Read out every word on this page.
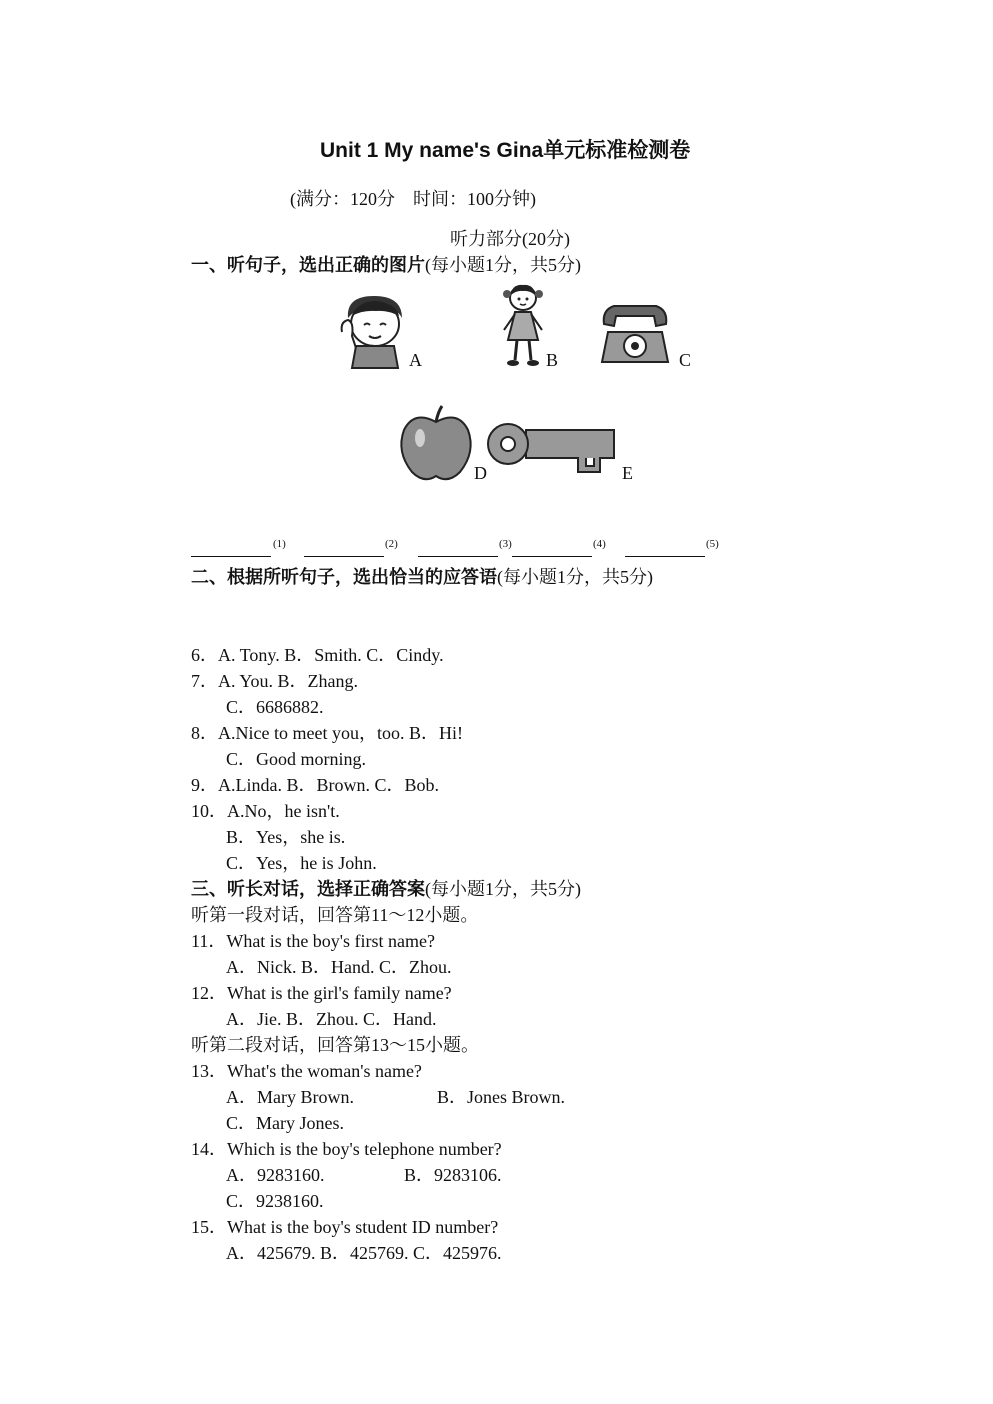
Unit 1 My name's Gina单元标准检测卷
(满分：120分　时间：100分钟)
听力部分(20分)
一、听句子，选出正确的图片(每小题1分，共5分)
A	B	C
D	E
(1)	(2)	(3)	(4)	(5)
二、根据所听句子，选出恰当的应答语(每小题1分，共5分)
6．A. Tony. B．Smith. C．Cindy.
7．A. You. B．Zhang.
C．6686882.
8．A.Nice to meet you，too. B．Hi!
C．Good morning.
9．A.Linda. B．Brown. C．Bob.
10．A.No，he isn't.
B．Yes，she is.
C．Yes，he is John.
三、听长对话，选择正确答案(每小题1分，共5分)
听第一段对话，回答第11～12小题。
11．What is the boy's first name?
A．Nick. B．Hand. C．Zhou.
12．What is the girl's family name?
A．Jie. B．Zhou. C．Hand.
听第二段对话，回答第13～15小题。
13．What's the woman's name?
A．Mary Brown.	B．Jones Brown.
C．Mary Jones.
14．Which is the boy's telephone number?
A．9283160.	B．9283106.
C．9238160.
15．What is the boy's student ID number?
A．425679. B．425769. C．425976.
